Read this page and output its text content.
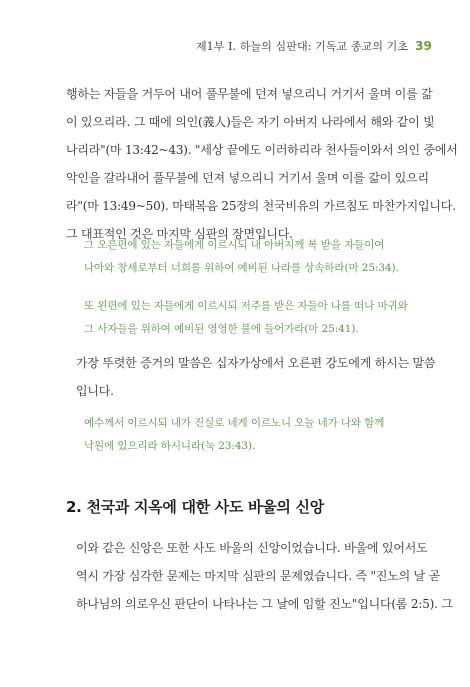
제1부 Ⅰ. 하늘의 심판대: 기독교 종교의 기초 39

행하는 자들을 거두어 내어 풀무불에 던져 넣으리니 거기서 울며 이를 갊
이 있으리라. 그 때에 의인(義人)들은 자기 아버지 나라에서 해와 같이 빛
나리라"(마 13:42~43). "세상 끝에도 이러하리라 천사들이와서 의인 중에서
악인을 갈라내어 풀무불에 던져 넣으리니 거기서 울며 이를 갊이 있으리
라"(마 13:49~50). 마태복음 25장의 천국비유의 가르침도 마찬가지입니다.
그 대표적인 것은 마지막 심판의 장면입니다.

그 오른편에 있는 자들에게 이르시되 내 아버지께 복 받을 자들이여
나아와 창세로부터 너희를 위하여 예비된 나라를 상속하라(마 25:34).

또 왼편에 있는 자들에게 이르시되 저주를 받은 자들아 나를 떠나 마귀와
그 사자들을 위하여 예비된 영영한 불에 들어가라(마 25:41).

가장 뚜렷한 증거의 말씀은 십자가상에서 오른편 강도에게 하시는 말씀
입니다.

예수께서 이르시되 내가 진실로 네게 이르노니 오늘 네가 나와 함께
낙원에 있으리라 하시니라(눅 23:43).

2. 천국과 지옥에 대한 사도 바울의 신앙

이와 같은 신앙은 또한 사도 바울의 신앙이었습니다. 바울에 있어서도
역시 가장 심각한 문제는 마지막 심판의 문제였습니다. 즉 "진노의 날 곧
하나님의 의로우신 판단이 나타나는 그 날에 임할 진노"입니다(롬 2:5). 그
